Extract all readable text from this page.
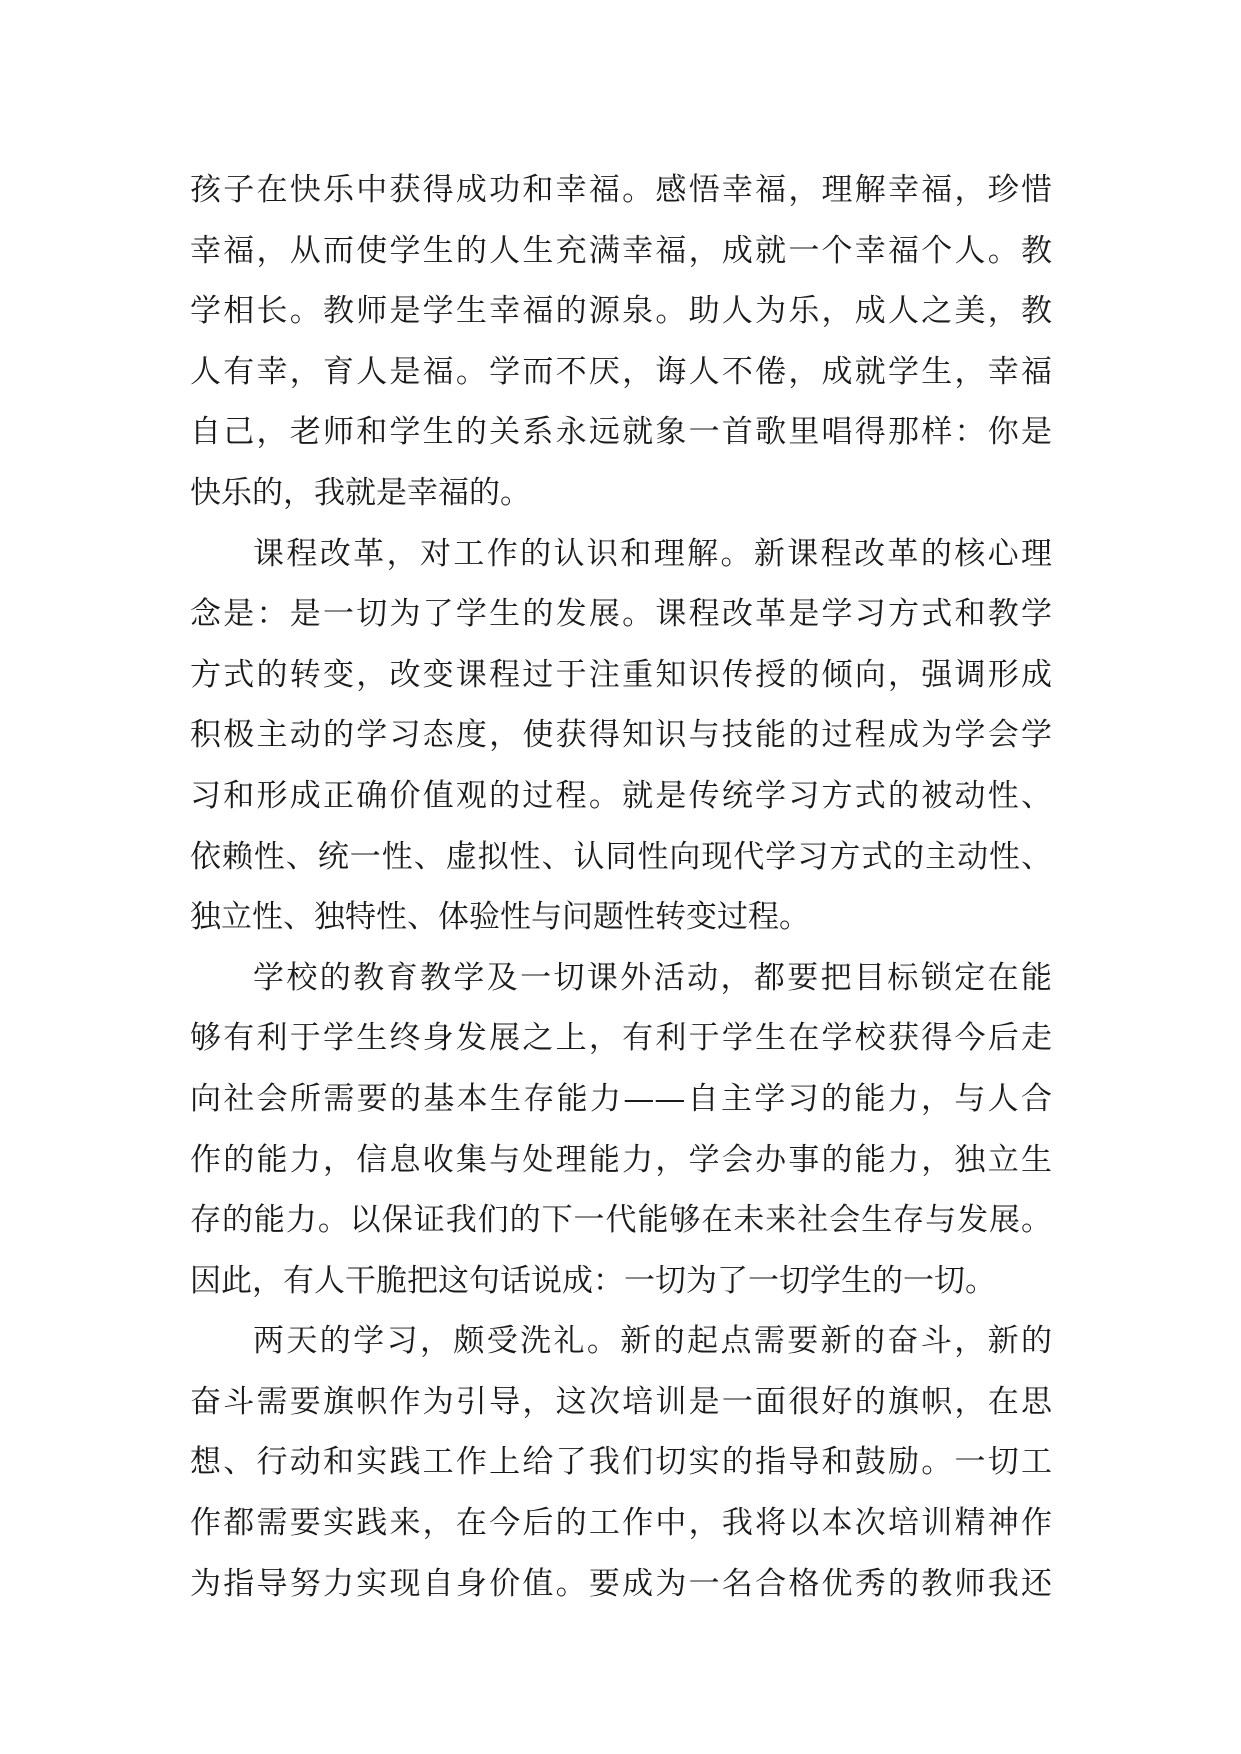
孩子在快乐中获得成功和幸福。感悟幸福，理解幸福，珍惜
幸福，从而使学生的人生充满幸福，成就一个幸福个人。教
学相长。教师是学生幸福的源泉。助人为乐，成人之美，教
人有幸，育人是福。学而不厌，诲人不倦，成就学生，幸福
自己，老师和学生的关系永远就象一首歌里唱得那样：你是
快乐的，我就是幸福的。
课程改革，对工作的认识和理解。新课程改革的核心理
念是：是一切为了学生的发展。课程改革是学习方式和教学
方式的转变，改变课程过于注重知识传授的倾向，强调形成
积极主动的学习态度，使获得知识与技能的过程成为学会学
习和形成正确价值观的过程。就是传统学习方式的被动性、
依赖性、统一性、虚拟性、认同性向现代学习方式的主动性、
独立性、独特性、体验性与问题性转变过程。
学校的教育教学及一切课外活动，都要把目标锁定在能
够有利于学生终身发展之上，有利于学生在学校获得今后走
向社会所需要的基本生存能力——自主学习的能力，与人合
作的能力，信息收集与处理能力，学会办事的能力，独立生
存的能力。以保证我们的下一代能够在未来社会生存与发展。
因此，有人干脆把这句话说成：一切为了一切学生的一切。
两天的学习，颇受洗礼。新的起点需要新的奋斗，新的
奋斗需要旗帜作为引导，这次培训是一面很好的旗帜，在思
想、行动和实践工作上给了我们切实的指导和鼓励。一切工
作都需要实践来，在今后的工作中，我将以本次培训精神作
为指导努力实现自身价值。要成为一名合格优秀的教师我还
